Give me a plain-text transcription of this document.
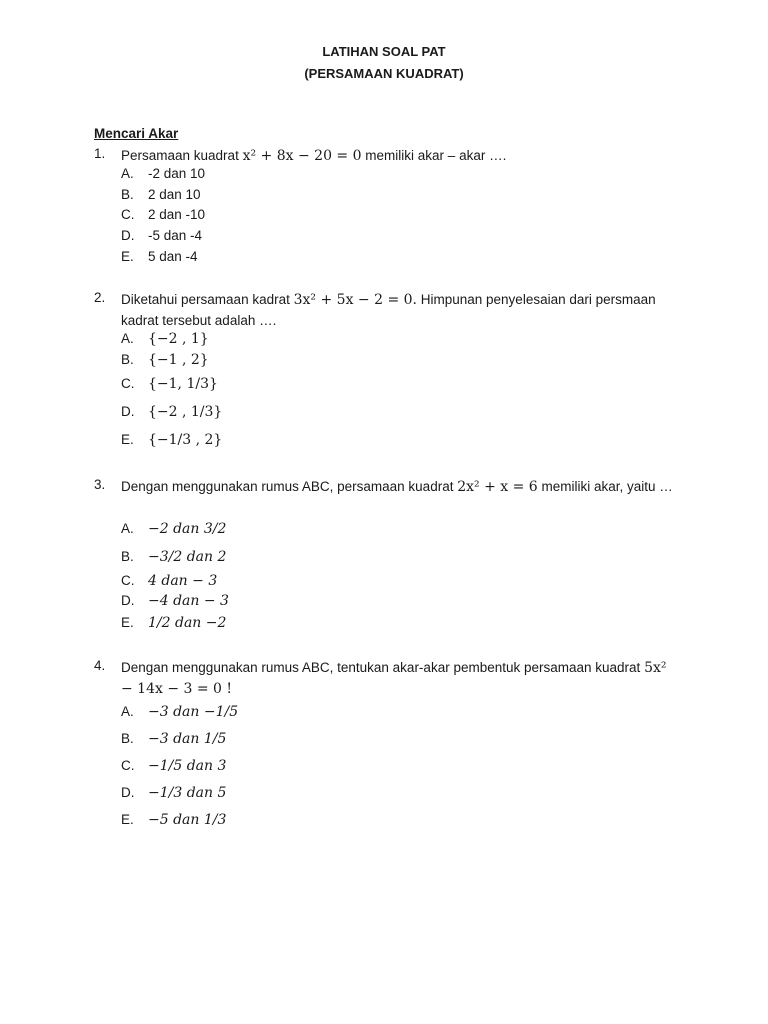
LATIHAN SOAL PAT
(PERSAMAAN KUADRAT)
Mencari Akar
1. Persamaan kuadrat x² + 8x − 20 = 0 memiliki akar – akar ….
A. -2 dan 10
B. 2 dan 10
C. 2 dan -10
D. -5 dan -4
E. 5 dan -4
2. Diketahui persamaan kadrat 3x² + 5x − 2 = 0. Himpunan penyelesaian dari persmaan kadrat tersebut adalah ….
A. {−2 , 1}
B. {−1 , 2}
C. {−1, 1/3}
D. {−2 , 1/3}
E. {−1/3 , 2}
3. Dengan menggunakan rumus ABC, persamaan kuadrat 2x² + x = 6 memiliki akar, yaitu …
A. −2 dan 3/2
B. −3/2 dan 2
C. 4 dan − 3
D. −4 dan − 3
E. 1/2 dan −2
4. Dengan menggunakan rumus ABC, tentukan akar-akar pembentuk persamaan kuadrat 5x² − 14x − 3 = 0 !
A. −3 dan −1/5
B. −3 dan 1/5
C. −1/5 dan 3
D. −1/3 dan 5
E. −5 dan 1/3
